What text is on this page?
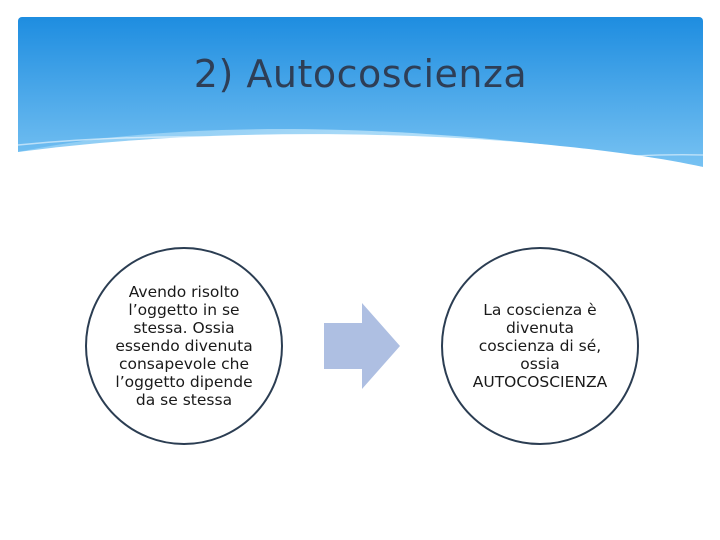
2) Autocoscienza
Avendo risolto
l’oggetto in se
stessa. Ossia
essendo divenuta
consapevole che
l’oggetto dipende
da se stessa
La coscienza è
divenuta
coscienza di sé,
ossia
AUTOCOSCIENZA
